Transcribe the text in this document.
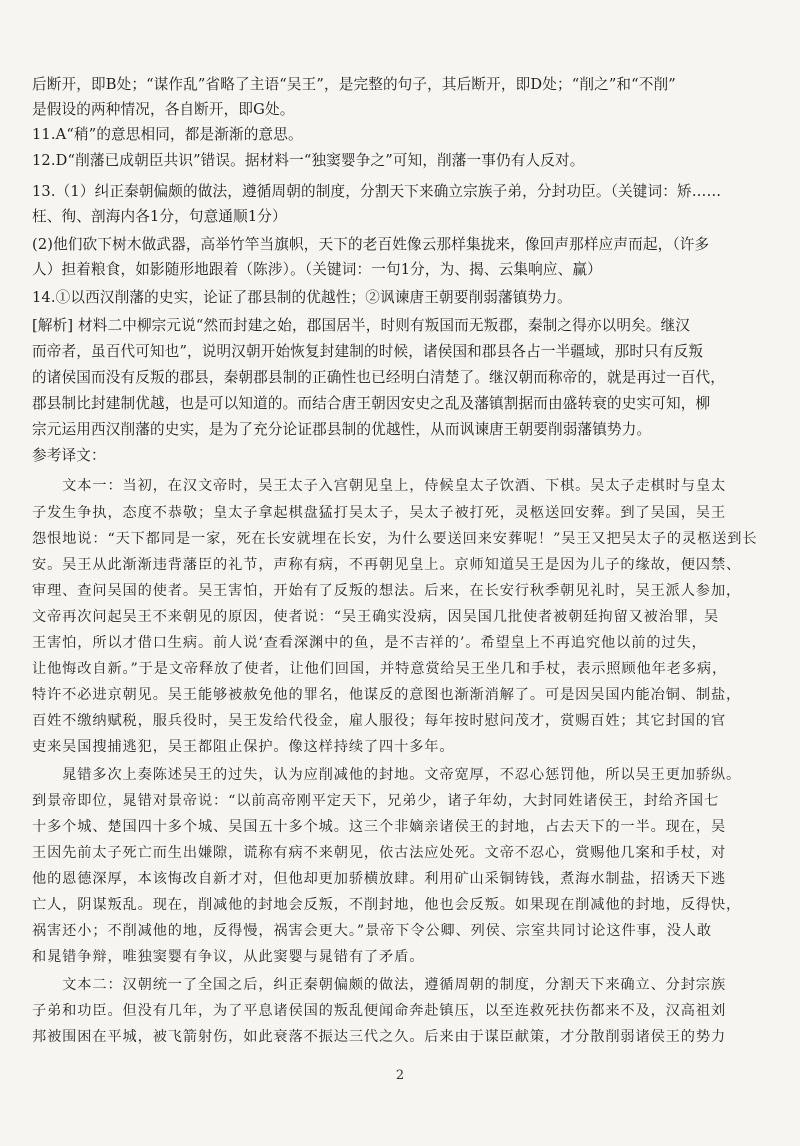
后断开，即B处；“谋作乱”省略了主语“吴王”，是完整的句子，其后断开，即D处；“削之”和“不削”
是假设的两种情况，各自断开，即G处。
11.A“稍”的意思相同，都是渐渐的意思。
12.D“削藩已成朝臣共识”错误。据材料一“独窦婴争之”可知，削藩一事仍有人反对。
13.（1）纠正秦朝偏颇的做法，遵循周朝的制度，分割天下来确立宗族子弟，分封功臣。（关键词：矫……
枉、徇、剖海内各1分，句意通顺1分）
(2)他们砍下树木做武器，高举竹竿当旗帜，天下的老百姓像云那样集拢来，像回声那样应声而起，（许多
人）担着粮食，如影随形地跟着（陈涉）。（关键词：一句1分，为、揭、云集响应、赢）
14.①以西汉削藩的史实，论证了郡县制的优越性；②讽谏唐王朝要削弱藩镇势力。
[解析] 材料二中柳宗元说“然而封建之始，郡国居半，时则有叛国而无叛郡，秦制之得亦以明矣。继汉
而帝者，虽百代可知也”，说明汉朝开始恢复封建制的时候，诸侯国和郡县各占一半疆域，那时只有反叛
的诸侯国而没有反叛的郡县，秦朝郡县制的正确性也已经明白清楚了。继汉朝而称帝的，就是再过一百代，
郡县制比封建制优越，也是可以知道的。而结合唐王朝因安史之乱及藩镇割据而由盛转衰的史实可知，柳
宗元运用西汉削藩的史实，是为了充分论证郡县制的优越性，从而讽谏唐王朝要削弱藩镇势力。
参考译文：
　　文本一：当初，在汉文帝时，吴王太子入宫朝见皇上，侍候皇太子饮酒、下棋。吴太子走棋时与皇太
子发生争执，态度不恭敬；皇太子拿起棋盘猛打吴太子，吴太子被打死，灵柩送回安葬。到了吴国，吴王
怨恨地说：“天下都同是一家，死在长安就埋在长安，为什么要送回来安葬呢！”吴王又把吴太子的灵柩送到长
安。吴王从此渐渐违背藩臣的礼节，声称有病，不再朝见皇上。京师知道吴王是因为儿子的缘故，便囚禁、
审理、查问吴国的使者。吴王害怕，开始有了反叛的想法。后来，在长安行秋季朝见礼时，吴王派人参加，
文帝再次问起吴王不来朝见的原因，使者说：“吴王确实没病，因吴国几批使者被朝廷拘留又被治罪，吴
王害怕，所以才借口生病。前人说‘查看深渊中的鱼，是不吉祥的’。希望皇上不再追究他以前的过失，
让他悔改自新。”于是文帝释放了使者，让他们回国，并特意赏给吴王坐几和手杖，表示照顾他年老多病，
特许不必进京朝见。吴王能够被赦免他的罪名，他谋反的意图也渐渐消解了。可是因吴国内能冶铜、制盐，
百姓不缴纳赋税，服兵役时，吴王发给代役金，雇人服役；每年按时慰问茂才，赏赐百姓；其它封国的官
吏来吴国搜捕逃犯，吴王都阻止保护。像这样持续了四十多年。
　　晁错多次上奏陈述吴王的过失，认为应削减他的封地。文帝宽厚，不忍心惩罚他，所以吴王更加骄纵。
到景帝即位，晁错对景帝说：“以前高帝刚平定天下，兄弟少，诸子年幼，大封同姓诸侯王，封给齐国七
十多个城、楚国四十多个城、吴国五十多个城。这三个非嫡亲诸侯王的封地，占去天下的一半。现在，吴
王因先前太子死亡而生出嫌隙，谎称有病不来朝见，依古法应处死。文帝不忍心，赏赐他几案和手杖，对
他的恩德深厚，本该悔改自新才对，但他却更加骄横放肆。利用矿山采铜铸钱，煮海水制盐，招诱天下逃
亡人，阴谋叛乱。现在，削减他的封地会反叛，不削封地，他也会反叛。如果现在削减他的封地，反得快，
祸害还小；不削减他的地，反得慢，祸害会更大。”景帝下令公卿、列侯、宗室共同讨论这件事，没人敢
和晁错争辩，唯独窦婴有争议，从此窦婴与晁错有了矛盾。
　　文本二：汉朝统一了全国之后，纠正秦朝偏颇的做法，遵循周朝的制度，分割天下来确立、分封宗族
子弟和功臣。但没有几年，为了平息诸侯国的叛乱便闻命奔赴镇压，以至连救死扶伤都来不及，汉高祖刘
邦被围困在平城，被飞箭射伤，如此衰落不振达三代之久。后来由于谋臣献策，才分散削弱诸侯王的势力
2
